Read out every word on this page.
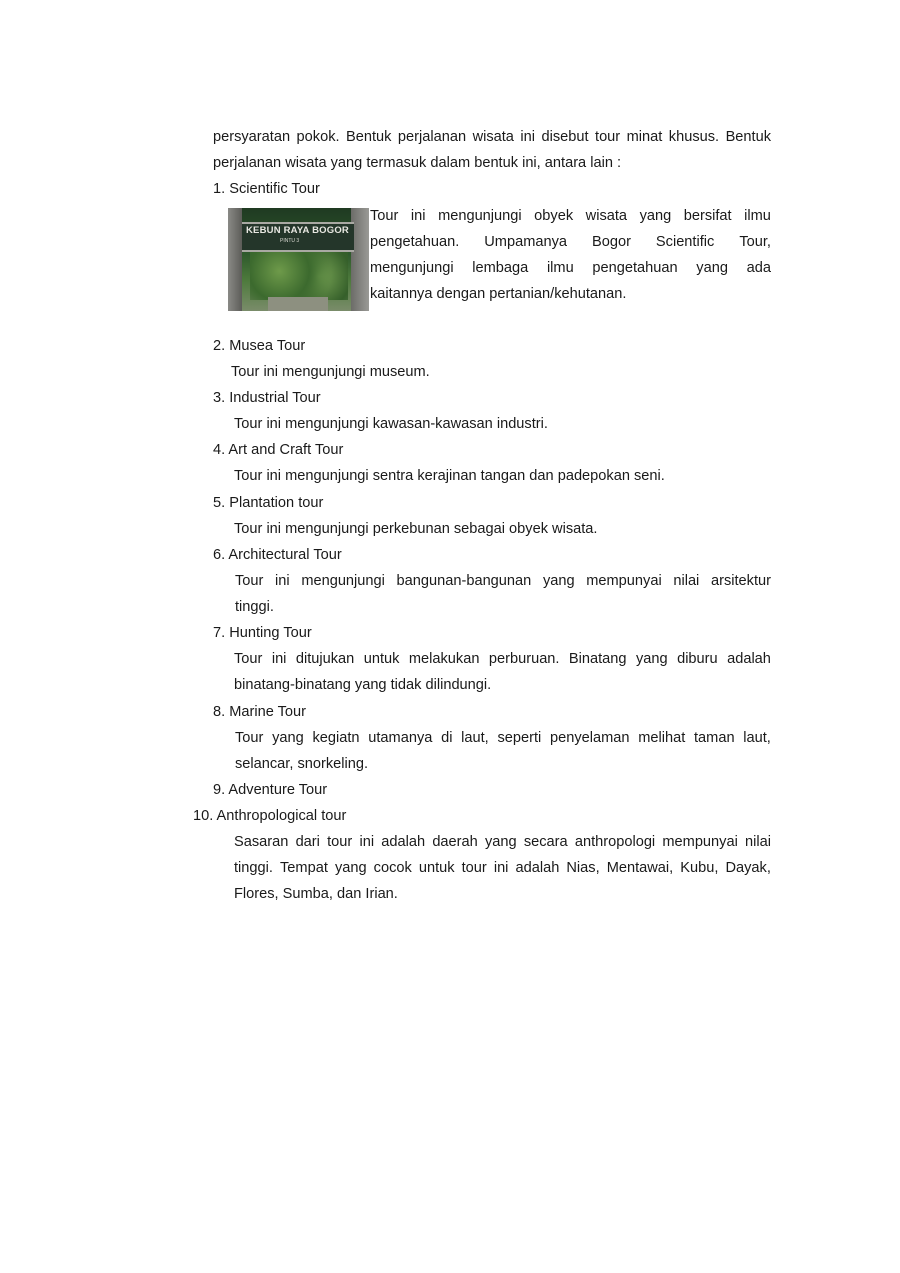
persyaratan pokok. Bentuk perjalanan wisata ini disebut tour minat khusus. Bentuk
perjalanan wisata yang termasuk dalam bentuk ini, antara lain :
1. Scientific Tour
KEBUN RAYA BOGOR
PINTU 3
Tour ini mengunjungi obyek wisata yang bersifat ilmu
pengetahuan. Umpamanya Bogor Scientific Tour,
mengunjungi lembaga ilmu pengetahuan yang ada
kaitannya dengan pertanian/kehutanan.
2. Musea Tour
Tour ini mengunjungi museum.
3. Industrial Tour
Tour ini mengunjungi kawasan-kawasan industri.
4. Art and Craft Tour
Tour ini mengunjungi sentra kerajinan tangan dan padepokan seni.
5. Plantation tour
Tour ini mengunjungi perkebunan sebagai obyek wisata.
6. Architectural Tour
Tour ini mengunjungi bangunan-bangunan yang mempunyai nilai arsitektur
tinggi.
7. Hunting Tour
Tour ini ditujukan untuk melakukan perburuan. Binatang yang diburu adalah
binatang-binatang yang tidak dilindungi.
8. Marine Tour
Tour yang kegiatn utamanya di laut, seperti penyelaman melihat taman laut,
selancar, snorkeling.
9. Adventure Tour
10. Anthropological tour
Sasaran dari tour ini adalah daerah yang secara anthropologi mempunyai nilai
tinggi. Tempat yang cocok untuk tour ini adalah Nias, Mentawai, Kubu, Dayak,
Flores, Sumba, dan Irian.
